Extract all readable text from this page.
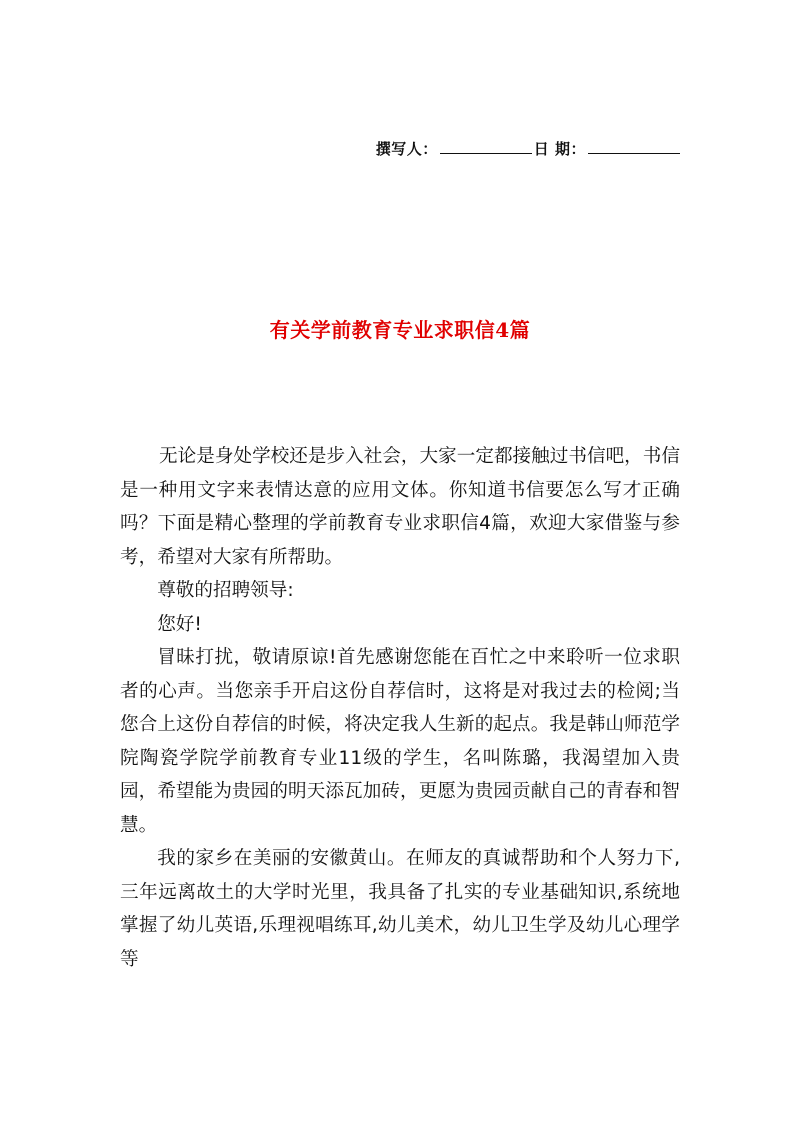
撰写人：	日 期：
有关学前教育专业求职信4篇

无论是身处学校还是步入社会，大家一定都接触过书信吧，书信是一种用文字来表情达意的应用文体。你知道书信要怎么写才正确吗？下面是精心整理的学前教育专业求职信4篇，欢迎大家借鉴与参考，希望对大家有所帮助。

尊敬的招聘领导:

您好!

冒昧打扰，敬请原谅!首先感谢您能在百忙之中来聆听一位求职者的心声。当您亲手开启这份自荐信时，这将是对我过去的检阅;当您合上这份自荐信的时候，将决定我人生新的起点。我是韩山师范学院陶瓷学院学前教育专业11级的学生，名叫陈璐，我渴望加入贵园，希望能为贵园的明天添瓦加砖，更愿为贵园贡献自己的青春和智慧。

我的家乡在美丽的安徽黄山。在师友的真诚帮助和个人努力下,三年远离故土的大学时光里，我具备了扎实的专业基础知识,系统地掌握了幼儿英语,乐理视唱练耳,幼儿美术，幼儿卫生学及幼儿心理学等
